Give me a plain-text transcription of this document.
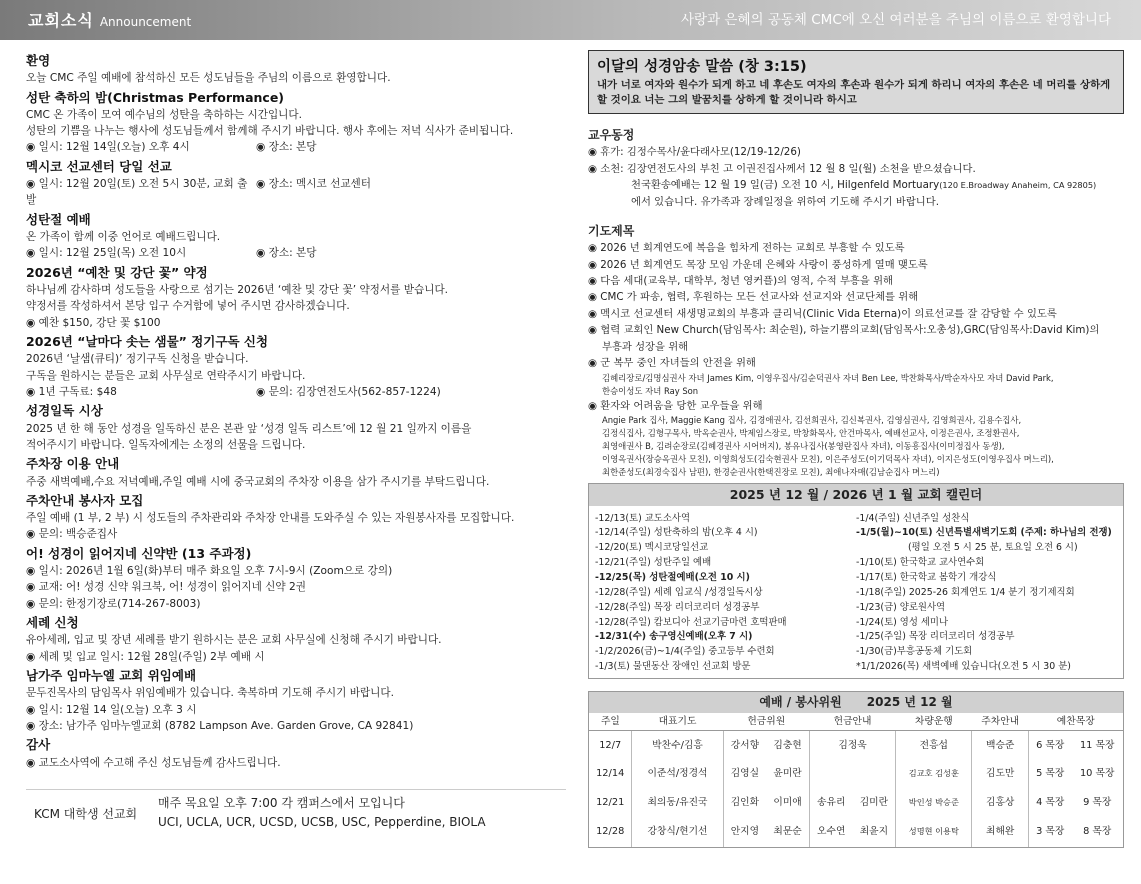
교회소식 Announcement	사랑과 은혜의 공동체 CMC에 오신 여러분을 주님의 이름으로 환영합니다
환영

오늘 CMC 주일 예배에 참석하신 모든 성도님들을 주님의 이름으로 환영합니다.

성탄 축하의 밤(Christmas Performance)

CMC 온 가족이 모여 예수님의 성탄을 축하하는 시간입니다.

성탄의 기쁨을 나누는 행사에 성도님들께서 함께해 주시기 바랍니다. 행사 후에는 저녁 식사가 준비됩니다.

◉ 일시: 12월 14일(오늘) 오후 4시	◉ 장소: 본당

멕시코 선교센터 당일 선교

◉ 일시: 12월 20일(토) 오전 5시 30분, 교회 출발
◉ 장소: 멕시코 선교센터

성탄절 예배

온 가족이 함께 이중 언어로 예배드립니다.

◉ 일시: 12월 25일(목) 오전 10시	◉ 장소: 본당

2026년 “예찬 및 강단 꽃” 약정

하나님께 감사하며 성도들을 사랑으로 섬기는 2026년 ‘예찬 및 강단 꽃’ 약정서를 받습니다.

약정서를 작성하셔서 본당 입구 수거함에 넣어 주시면 감사하겠습니다.

◉ 예찬 $150, 강단 꽃 $100

2026년 “날마다 솟는 샘물” 정기구독 신청

2026년 ‘날샘(큐티)’ 정기구독 신청을 받습니다.

구독을 원하시는 분들은 교회 사무실로 연락주시기 바랍니다.

◉ 1년 구독료: $48	◉ 문의: 김장연전도사(562-857-1224)

성경일독 시상

2025 년 한 해 동안 성경을 일독하신 분은 본관 앞 ‘성경 일독 리스트’에 12 월 21 일까지 이름을

적어주시기 바랍니다. 일독자에게는 소정의 선물을 드립니다.

주차장 이용 안내

주중 새벽예배,수요 저녁예배,주일 예배 시에 중국교회의 주차장 이용을 삼가 주시기를 부탁드립니다.

주차안내 봉사자 모집

주일 예배 (1 부, 2 부) 시 성도들의 주차관리와 주차장 안내를 도와주실 수 있는 자원봉사자를 모집합니다.

◉ 문의: 백승준집사

어! 성경이 읽어지네 신약반 (13 주과정)

◉ 일시: 2026년 1월 6일(화)부터 매주 화요일 오후 7시-9시 (Zoom으로 강의)

◉ 교재: 어! 성경 신약 워크북, 어! 성경이 읽어지네 신약 2권

◉ 문의: 한정기장로(714-267-8003)

세례 신청

유아세례, 입교 및 장년 세례를 받기 원하시는 분은 교회 사무실에 신청해 주시기 바랍니다.

◉ 세례 및 입교 일시: 12월 28일(주일) 2부 예배 시

남가주 임마누엘 교회 위임예배

문두진목사의 담임목사 위임예배가 있습니다. 축복하며 기도해 주시기 바랍니다.

◉ 일시: 12월 14 일(오늘) 오후 3 시

◉ 장소: 남가주 임마누엘교회 (8782 Lampson Ave. Garden Grove, CA 92841)

감사

◉ 교도소사역에 수고해 주신 성도님들께 감사드립니다.

KCM 대학생 선교회
매주 목요일 오후 7:00 각 캠퍼스에서 모입니다
UCI, UCLA, UCR, UCSD, UCSB, USC, Pepperdine, BIOLA
이달의 성경암송 말씀 (창 3:15)
내가 너로 여자와 원수가 되게 하고 네 후손도 여자의 후손과 원수가 되게 하리니 여자의 후손은 네 머리를 상하게 할 것이요 너는 그의 발꿈치를 상하게 할 것이니라 하시고
교우동정

◉ 휴가: 김정수목사/윤다래사모(12/19-12/26)

◉ 소천: 김장연전도사의 부친 고 이권진집사께서 12 월 8 일(월) 소천을 받으셨습니다.

천국환송예배는 12 월 19 일(금) 오전 10 시, Hilgenfeld Mortuary(120 E.Broadway Anaheim, CA 92805)

에서 있습니다. 유가족과 장례일정을 위하여 기도해 주시기 바랍니다.

기도제목

◉ 2026 년 회계연도에 복음을 힘차게 전하는 교회로 부흥할 수 있도록

◉ 2026 년 회계연도 목장 모임 가운데 은혜와 사랑이 풍성하게 열매 맺도록

◉ 다음 세대(교육부, 대학부, 청년 영커플)의 영적, 수적 부흥을 위해

◉ CMC 가 파송, 협력, 후원하는 모든 선교사와 선교지와 선교단체를 위해

◉ 멕시코 선교센터 새생명교회의 부흥과 클리닉(Clinic Vida Eterna)이 의료선교를 잘 감당할 수 있도록

◉ 협력 교회인 New Church(담임목사: 최순원), 하늘기쁨의교회(담임목사:오총성),GRC(담임목사:David Kim)의

부흥과 성장을 위해

◉ 군 복무 중인 자녀들의 안전을 위해

김혜리장로/김명심권사 자녀 James Kim, 이영우집사/김순덕권사 자녀 Ben Lee, 박찬화목사/박순자사모 자녀 David Park,

한승이성도 자녀 Ray Son

◉ 환자와 어려움을 당한 교우들을 위해

Angie Park 집사, Maggie Kang 집사, 김경애권사, 김선희권사, 김신복권사, 김영심권사, 김영희권사, 김용수집사,

김정식집사, 김형구목사, 박옥순권사, 박제임스장로, 박창화목사, 안건마목사, 예배선교사, 이정은권사, 조정환권사,

최영애권사 B, 김려순장로(김혜경권사 시어버지), 봉유나집사(봉영란집사 자녀), 이동흥집사(이미정집사 동생),

이영옥권사(장승옥권사 모친), 이영희성도(김숙현권사 모친), 이은주성도(이기덕목사 자녀), 이지은성도(이영우집사 며느리),

최한준성도(최경숙집사 남편), 한경순권사(한택진장로 모친), 최애나자매(김남순집사 며느리)

2025 년 12 월 / 2026 년 1 월 교회 캘린더
-12/13(토) 교도소사역
-12/14(주일) 성탄축하의 밤(오후 4 시)
-12/20(토) 멕시코당일선교
-12/21(주일) 성탄주일 예배
-12/25(목) 성탄절예배(오전 10 시)
-12/28(주일) 세례 입교식 /성경일독시상
-12/28(주일) 목장 리더코리더 성경공부
-12/28(주일) 캄보디아 선교기금마련 호떡판매
-12/31(수) 송구영신예배(오후 7 시)
-1/2/2026(금)~1/4(주일) 중고등부 수련회
-1/3(토) 물댄동산 장애인 선교회 방문
-1/4(주일) 신년주일 성찬식
-1/5(월)~10(토) 신년특별새벽기도회 (주제: 하나님의 전쟁)
(평일 오전 5 시 25 분, 토요일 오전 6 시)
-1/10(토) 한국학교 교사연수회
-1/17(토) 한국학교 봄학기 개강식
-1/18(주일) 2025-26 회계연도 1/4 분기 정기제직회
-1/23(금) 양로원사역
-1/24(토) 영성 세미나
-1/25(주일) 목장 리더코리더 성경공부
-1/30(금)부흥공동체 기도회
*1/1/2026(목) 새벽예배 있습니다(오전 5 시 30 분)
예배 / 봉사위원 2025 년 12 월
주일	대표기도	헌금위원		헌금안내		차량운행	주차안내	예찬목장	
12/7	박찬수/김흥	강서향	김충현	김정욱		전흥섭	백승준	6 목장	11 목장
12/14	이준석/정경석	김영실	윤미란			김교호 김성훈	김도만	5 목장	10 목장
12/21	최의동/유진국	김인화	이미애	송유리	김미란	박인성 박승준	김홍상	4 목장	9 목장
12/28	강창식/현기선	안지영	최문순	오수연	최윤지	성명현 이용탁	최해완	3 목장	8 목장
